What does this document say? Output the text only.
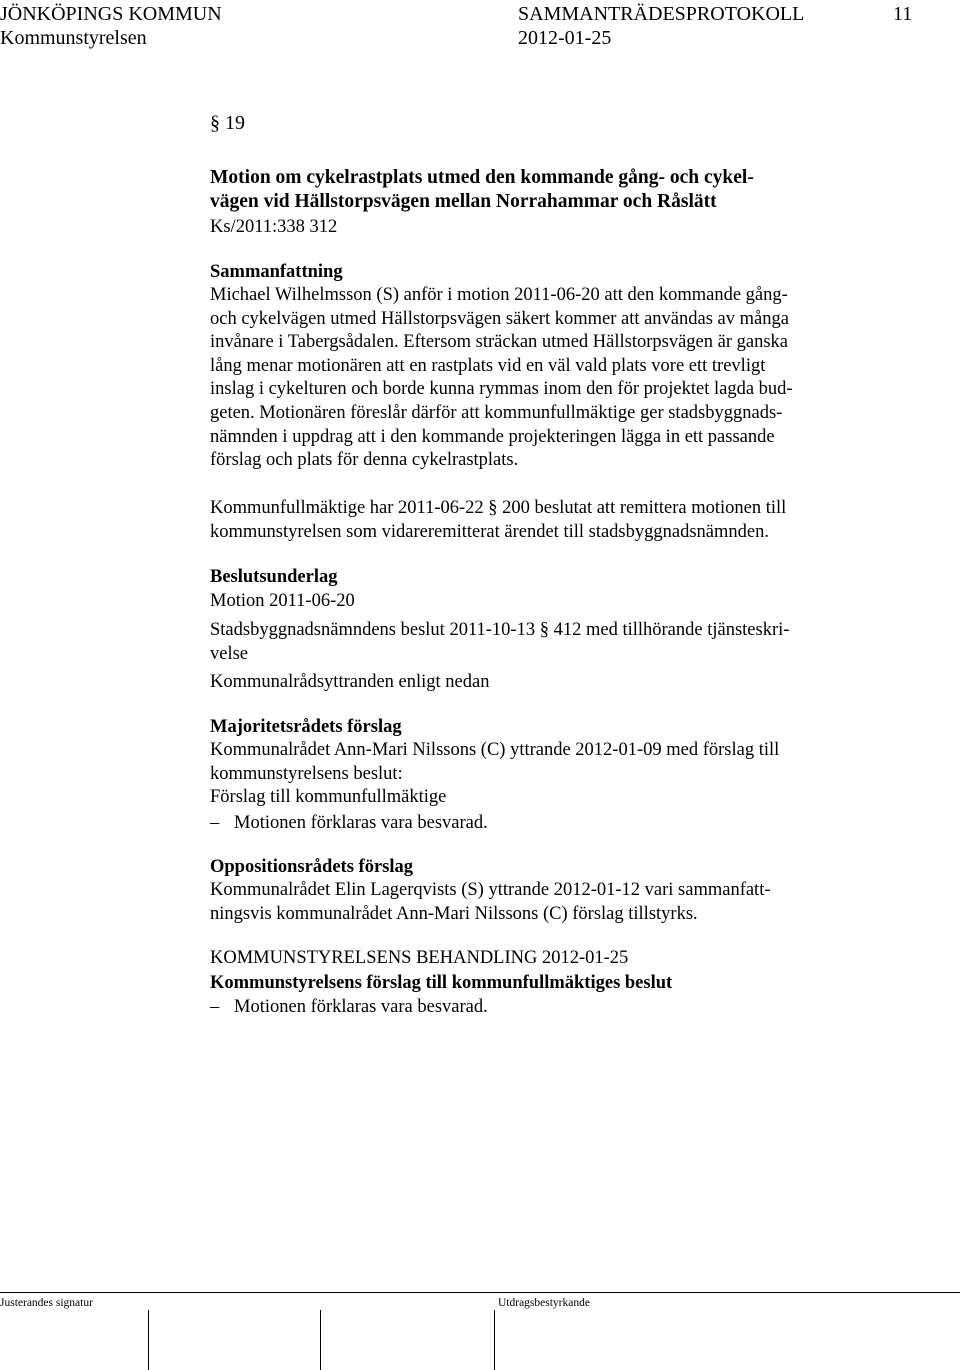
JÖNKÖPINGS KOMMUN	SAMMANTRÄDESPROTOKOLL	11
Kommunstyrelsen	2012-01-25
§ 19
Motion om cykelrastplats utmed den kommande gång- och cykel-
vägen vid Hällstorpsvägen mellan Norrahammar och Råslätt
Ks/2011:338 312
Sammanfattning
Michael Wilhelmsson (S) anför i motion 2011-06-20 att den kommande gång-
och cykelvägen utmed Hällstorpsvägen säkert kommer att användas av många
invånare i Tabergsådalen. Eftersom sträckan utmed Hällstorpsvägen är ganska
lång menar motionären att en rastplats vid en väl vald plats vore ett trevligt
inslag i cykelturen och borde kunna rymmas inom den för projektet lagda bud-
geten. Motionären föreslår därför att kommunfullmäktige ger stadsbyggnads-
nämnden i uppdrag att i den kommande projekteringen lägga in ett passande
förslag och plats för denna cykelrastplats.
Kommunfullmäktige har 2011-06-22 § 200 beslutat att remittera motionen till
kommunstyrelsen som vidareremitterat ärendet till stadsbyggnadsnämnden.
Beslutsunderlag
Motion 2011-06-20
Stadsbyggnadsnämndens beslut 2011-10-13 § 412 med tillhörande tjänsteskri-
velse
Kommunalrådsyttranden enligt nedan
Majoritetsrådets förslag
Kommunalrådet Ann-Mari Nilssons (C) yttrande 2012-01-09 med förslag till
kommunstyrelsens beslut:
Förslag till kommunfullmäktige
– Motionen förklaras vara besvarad.
Oppositionsrådets förslag
Kommunalrådet Elin Lagerqvists (S) yttrande 2012-01-12 vari sammanfatt-
ningsvis kommunalrådet Ann-Mari Nilssons (C) förslag tillstyrks.
KOMMUNSTYRELSENS BEHANDLING 2012-01-25
Kommunstyrelsens förslag till kommunfullmäktiges beslut
– Motionen förklaras vara besvarad.
Justerandes signatur	Utdragsbestyrkande
